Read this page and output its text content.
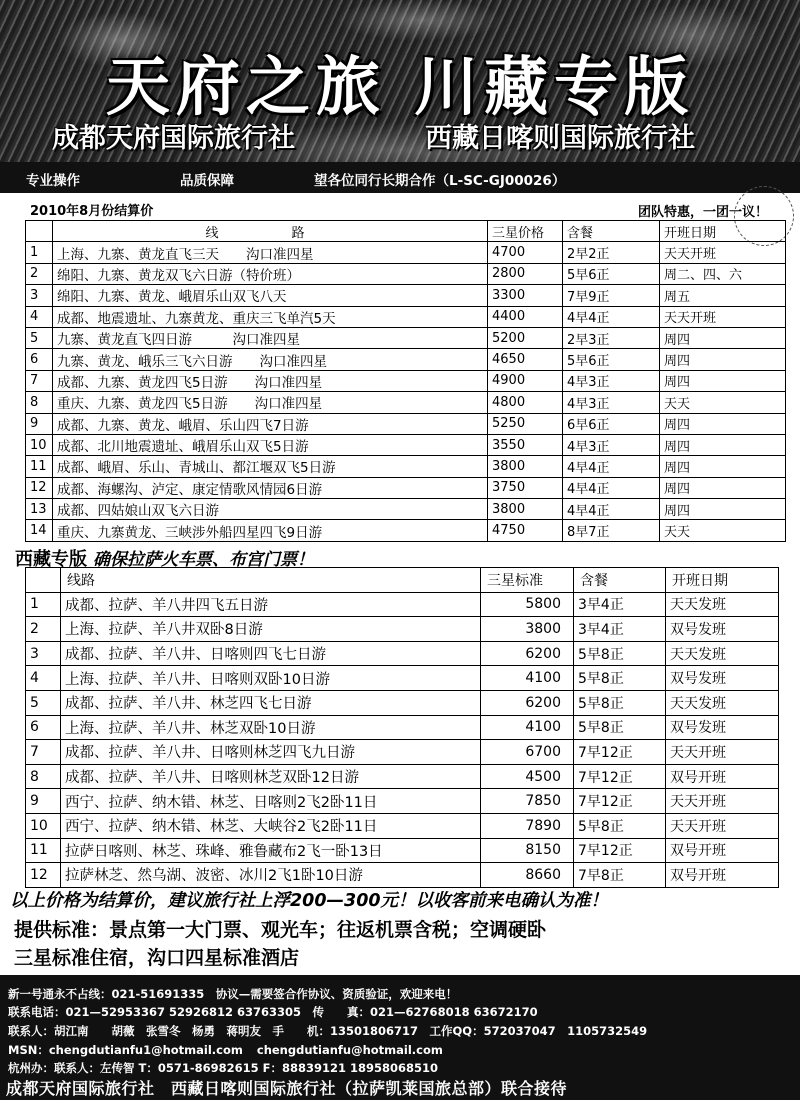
天府之旅 川藏专版
成都天府国际旅行社	西藏日喀则国际旅行社
专业操作	品质保障	望各位同行长期合作（L-SC-GJ00026）
2010年8月份结算价	团队特惠，一团一议！
	线　路	三星价格	含餐	开班日期
1	上海、九寨、黄龙直飞三天　　沟口准四星	4700	2早2正	天天开班
2	绵阳、九寨、黄龙双飞六日游（特价班）	2800	5早6正	周二、四、六
3	绵阳、九寨、黄龙、峨眉乐山双飞八天	3300	7早9正	周五
4	成都、地震遗址、九寨黄龙、重庆三飞单汽5天	4400	4早4正	天天开班
5	九寨、黄龙直飞四日游　　　沟口准四星	5200	2早3正	周四
6	九寨、黄龙、峨乐三飞六日游　　沟口准四星	4650	5早6正	周四
7	成都、九寨、黄龙四飞5日游　　沟口准四星	4900	4早3正	周四
8	重庆、九寨、黄龙四飞5日游　　沟口准四星	4800	4早3正	天天
9	成都、九寨、黄龙、峨眉、乐山四飞7日游	5250	6早6正	周四
10	成都、北川地震遗址、峨眉乐山双飞5日游	3550	4早3正	周四
11	成都、峨眉、乐山、青城山、都江堰双飞5日游	3800	4早4正	周四
12	成都、海螺沟、泸定、康定情歌风情园6日游	3750	4早4正	周四
13	成都、四姑娘山双飞六日游	3800	4早4正	周四
14	重庆、九寨黄龙、三峡涉外船四星四飞9日游	4750	8早7正	天天
西藏专版 确保拉萨火车票、布宫门票！
	线路	三星标准	含餐	开班日期
1	成都、拉萨、羊八井四飞五日游	5800	3早4正	天天发班
2	上海、拉萨、羊八井双卧8日游	3800	3早4正	双号发班
3	成都、拉萨、羊八井、日喀则四飞七日游	6200	5早8正	天天发班
4	上海、拉萨、羊八井、日喀则双卧10日游	4100	5早8正	双号发班
5	成都、拉萨、羊八井、林芝四飞七日游	6200	5早8正	天天发班
6	上海、拉萨、羊八井、林芝双卧10日游	4100	5早8正	双号发班
7	成都、拉萨、羊八井、日喀则林芝四飞九日游	6700	7早12正	天天开班
8	成都、拉萨、羊八井、日喀则林芝双卧12日游	4500	7早12正	双号开班
9	西宁、拉萨、纳木错、林芝、日喀则2飞2卧11日	7850	7早12正	天天开班
10	西宁、拉萨、纳木错、林芝、大峡谷2飞2卧11日	7890	5早8正	天天开班
11	拉萨日喀则、林芝、珠峰、雅鲁藏布2飞一卧13日	8150	7早12正	双号开班
12	拉萨林芝、然乌湖、波密、冰川2飞1卧10日游	8660	7早8正	双号开班
以上价格为结算价，建议旅行社上浮200—300元！以收客前来电确认为准！
提供标准：景点第一大门票、观光车；往返机票含税；空调硬卧
三星标准住宿，沟口四星标准酒店
新一号通永不占线：021-51691335　协议—需要签合作协议、资质验证，欢迎来电！
联系电话：021—52953367 52926812 63763305　传　　真：021—62768018 63672170
联系人：胡江南　　胡薇　张雪冬　杨勇　蒋明友　手　　机：13501806717　工作QQ：572037047　1105732549
MSN：chengdutianfu1@hotmail.com chengdutianfu@hotmail.com
杭州办：联系人：左传智 T：0571-86982615 F：88839121 18958068510
成都天府国际旅行社　西藏日喀则国际旅行社（拉萨凯莱国旅总部）联合接待
